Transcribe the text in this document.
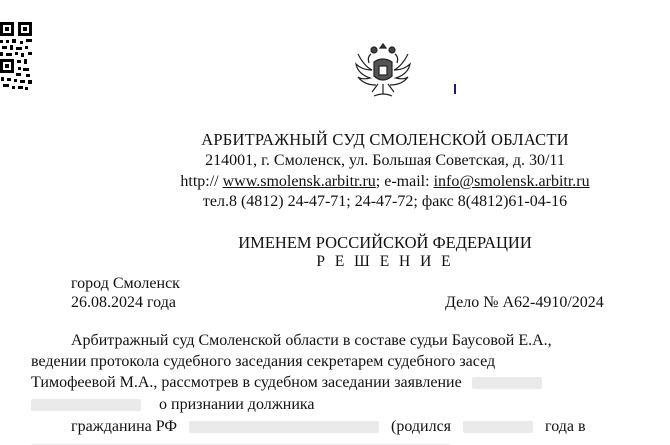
АРБИТРАЖНЫЙ СУД СМОЛЕНСКОЙ ОБЛАСТИ
214001, г. Смоленск, ул. Большая Советская, д. 30/11
http:// www.smolensk.arbitr.ru; e-mail: info@smolensk.arbitr.ru
тел.8 (4812) 24-47-71; 24-47-72; факс 8(4812)61-04-16
ИМЕНЕМ РОССИЙСКОЙ ФЕДЕРАЦИИ
Р Е Ш Е Н И Е
город Смоленск
26.08.2024 года	Дело № А62-4910/2024
Арбитражный суд Смоленской области в составе судьи Баусовой Е.А.,
ведении протокола судебного заседания секретарем судебного засед
Тимофеевой М.А., рассмотрев в судебном заседании заявление
о признании должника
гражданина РФ	(родился	года в
